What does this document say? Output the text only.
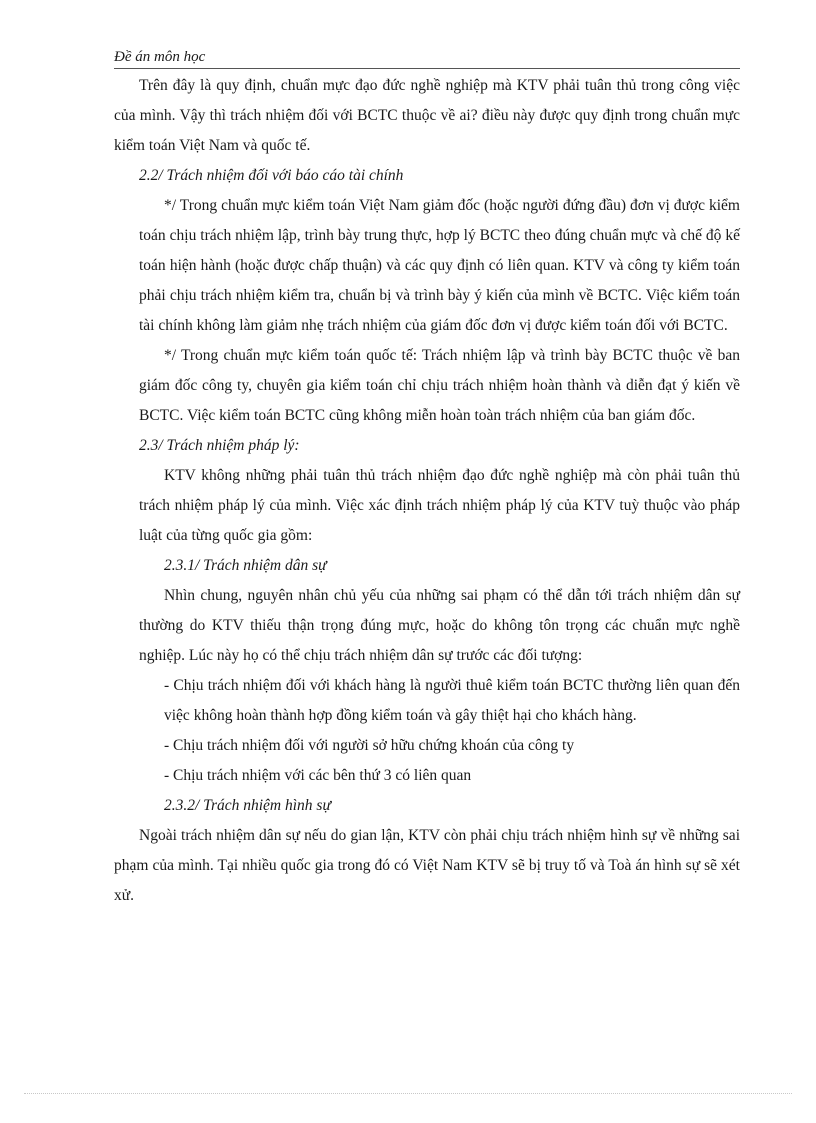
Đề án môn học

Trên đây là quy định, chuẩn mực đạo đức nghề nghiệp mà KTV phải tuân thủ trong công việc của mình. Vậy thì trách nhiệm đối với BCTC thuộc về ai? điều này được quy định trong chuẩn mực kiểm toán Việt Nam và quốc tế.

2.2/ Trách nhiệm đối với báo cáo tài chính

*/ Trong chuẩn mực kiểm toán Việt Nam giảm đốc (hoặc người đứng đầu) đơn vị được kiểm toán chịu trách nhiệm lập, trình bày trung thực, hợp lý BCTC theo đúng chuẩn mực và chế độ kế toán hiện hành (hoặc được chấp thuận) và các quy định có liên quan. KTV và công ty kiểm toán phải chịu trách nhiệm kiểm tra, chuẩn bị và trình bày ý kiến của mình về BCTC. Việc kiểm toán tài chính không làm giảm nhẹ trách nhiệm của giám đốc đơn vị được kiểm toán đối với BCTC.

*/ Trong chuẩn mực kiểm toán quốc tế: Trách nhiệm lập và trình bày BCTC thuộc về ban giám đốc công ty, chuyên gia kiểm toán chỉ chịu trách nhiệm hoàn thành và diễn đạt ý kiến về BCTC. Việc kiểm toán BCTC cũng không miễn hoàn toàn trách nhiệm của ban giám đốc.

2.3/ Trách nhiệm pháp lý:

KTV không những phải tuân thủ trách nhiệm đạo đức nghề nghiệp mà còn phải tuân thủ trách nhiệm pháp lý của mình. Việc xác định trách nhiệm pháp lý của KTV tuỳ thuộc vào pháp luật của từng quốc gia gồm:

2.3.1/ Trách nhiệm dân sự

Nhìn chung, nguyên nhân chủ yếu của những sai phạm có thể dẫn tới trách nhiệm dân sự thường do KTV thiếu thận trọng đúng mực, hoặc do không tôn trọng các chuẩn mực nghề nghiệp. Lúc này họ có thể chịu trách nhiệm dân sự trước các đối tượng:

- Chịu trách nhiệm đối với khách hàng là người thuê kiểm toán BCTC thường liên quan đến việc không hoàn thành hợp đồng kiểm toán và gây thiệt hại cho khách hàng.

- Chịu trách nhiệm đối với người sở hữu chứng khoán của công ty

- Chịu trách nhiệm với các bên thứ 3 có liên quan

2.3.2/ Trách nhiệm hình sự

Ngoài trách nhiệm dân sự nếu do gian lận, KTV còn phải chịu trách nhiệm hình sự về những sai phạm của mình. Tại nhiều quốc gia trong đó có Việt Nam KTV sẽ bị truy tố và Toà án hình sự sẽ xét xử.
